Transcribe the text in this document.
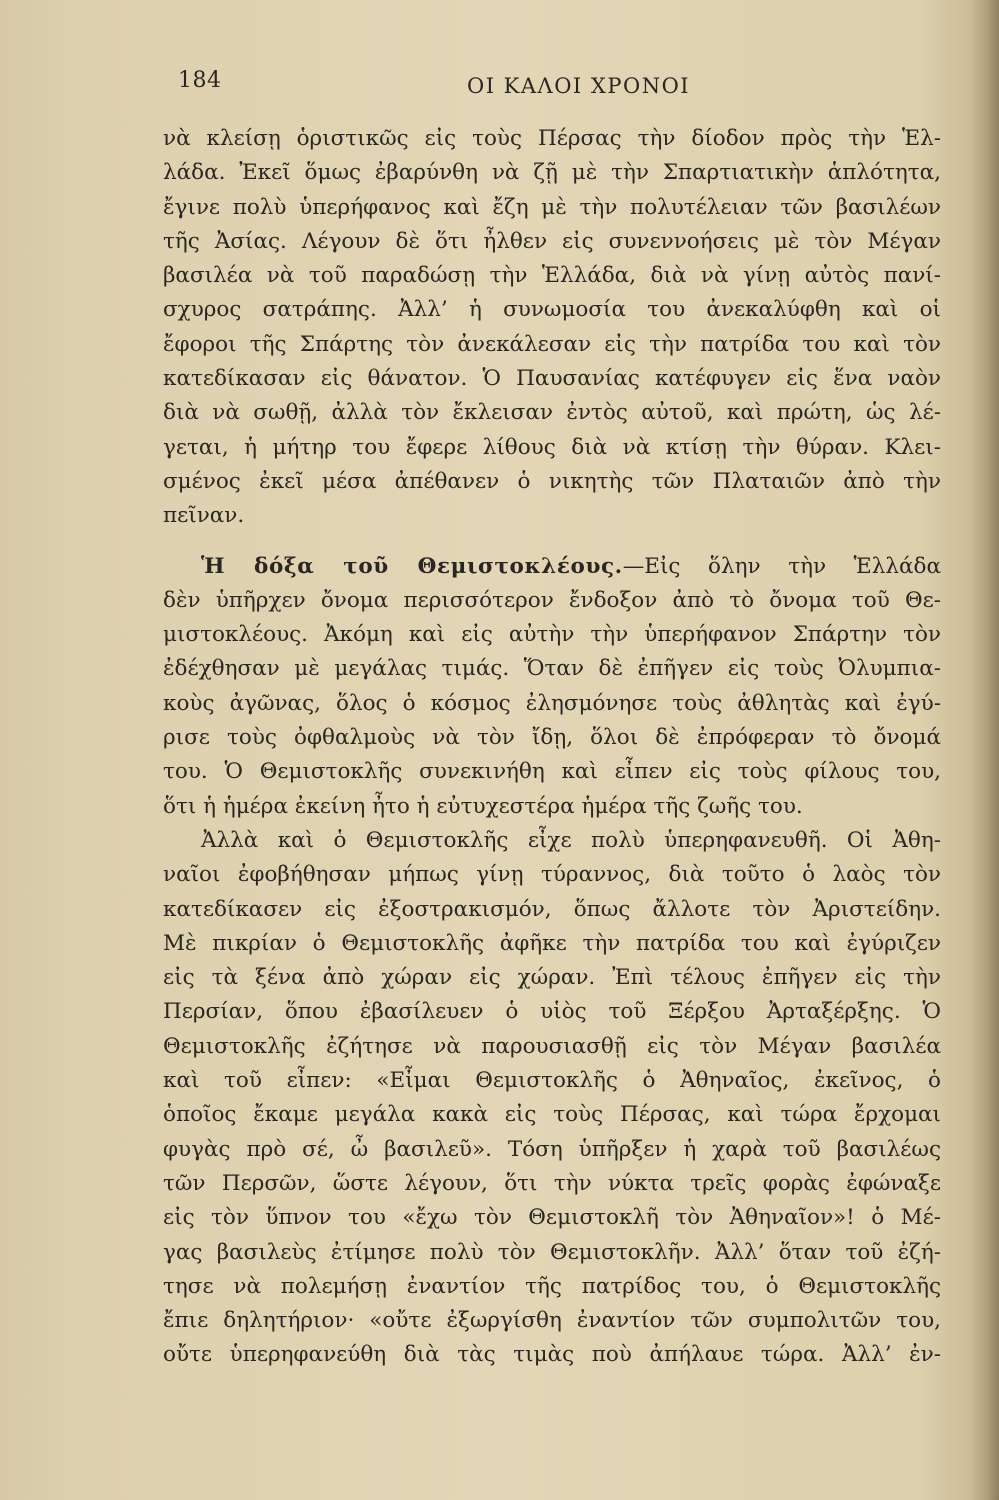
184	ΟΙ ΚΑΛΟΙ ΧΡΟΝΟΙ
νὰ κλείσῃ ὁριστικῶς εἰς τοὺς Πέρσας τὴν δίοδον πρὸς τὴν Ἑλ-
λάδα. Ἐκεῖ ὅμως ἐβαρύνθη νὰ ζῇ μὲ τὴν Σπαρτιατικὴν ἁπλότητα,
ἔγινε πολὺ ὑπερήφανος καὶ ἔζη μὲ τὴν πολυτέλειαν τῶν βασιλέων
τῆς Ἀσίας. Λέγουν δὲ ὅτι ἦλθεν εἰς συνεννοήσεις μὲ τὸν Μέγαν
βασιλέα νὰ τοῦ παραδώσῃ τὴν Ἑλλάδα, διὰ νὰ γίνῃ αὐτὸς πανί-
σχυρος σατράπης. Ἀλλ’ ἡ συνωμοσία του ἀνεκαλύφθη καὶ οἱ
ἔφοροι τῆς Σπάρτης τὸν ἀνεκάλεσαν εἰς τὴν πατρίδα του καὶ τὸν
κατεδίκασαν εἰς θάνατον. Ὁ Παυσανίας κατέφυγεν εἰς ἕνα ναὸν
διὰ νὰ σωθῇ, ἀλλὰ τὸν ἔκλεισαν ἐντὸς αὐτοῦ, καὶ πρώτη, ὡς λέ-
γεται, ἡ μήτηρ του ἔφερε λίθους διὰ νὰ κτίσῃ τὴν θύραν. Κλει-
σμένος ἐκεῖ μέσα ἀπέθανεν ὁ νικητὴς τῶν Πλαταιῶν ἀπὸ τὴν
πεῖναν.
Ἡ δόξα τοῦ Θεμιστοκλέους.—Εἰς ὅλην τὴν Ἑλλάδα
δὲν ὑπῆρχεν ὄνομα περισσότερον ἔνδοξον ἀπὸ τὸ ὄνομα τοῦ Θε-
μιστοκλέους. Ἀκόμη καὶ εἰς αὐτὴν τὴν ὑπερήφανον Σπάρτην τὸν
ἐδέχθησαν μὲ μεγάλας τιμάς. Ὅταν δὲ ἐπῆγεν εἰς τοὺς Ὀλυμπια-
κοὺς ἀγῶνας, ὅλος ὁ κόσμος ἐλησμόνησε τοὺς ἀθλητὰς καὶ ἐγύ-
ρισε τοὺς ὀφθαλμοὺς νὰ τὸν ἴδῃ, ὅλοι δὲ ἐπρόφεραν τὸ ὄνομά
του. Ὁ Θεμιστοκλῆς συνεκινήθη καὶ εἶπεν εἰς τοὺς φίλους του,
ὅτι ἡ ἡμέρα ἐκείνη ἦτο ἡ εὐτυχεστέρα ἡμέρα τῆς ζωῆς του.
Ἀλλὰ καὶ ὁ Θεμιστοκλῆς εἶχε πολὺ ὑπερηφανευθῆ. Οἱ Ἀθη-
ναῖοι ἐφοβήθησαν μήπως γίνῃ τύραννος, διὰ τοῦτο ὁ λαὸς τὸν
κατεδίκασεν εἰς ἐξοστρακισμόν, ὅπως ἄλλοτε τὸν Ἀριστείδην.
Μὲ πικρίαν ὁ Θεμιστοκλῆς ἀφῆκε τὴν πατρίδα του καὶ ἐγύριζεν
εἰς τὰ ξένα ἀπὸ χώραν εἰς χώραν. Ἐπὶ τέλους ἐπῆγεν εἰς τὴν
Περσίαν, ὅπου ἐβασίλευεν ὁ υἱὸς τοῦ Ξέρξου Ἀρταξέρξης. Ὁ
Θεμιστοκλῆς ἐζήτησε νὰ παρουσιασθῇ εἰς τὸν Μέγαν βασιλέα
καὶ τοῦ εἶπεν: «Εἶμαι Θεμιστοκλῆς ὁ Ἀθηναῖος, ἐκεῖνος, ὁ
ὁποῖος ἔκαμε μεγάλα κακὰ εἰς τοὺς Πέρσας, καὶ τώρα ἔρχομαι
φυγὰς πρὸ σέ, ὦ βασιλεῦ». Τόση ὑπῆρξεν ἡ χαρὰ τοῦ βασιλέως
τῶν Περσῶν, ὥστε λέγουν, ὅτι τὴν νύκτα τρεῖς φορὰς ἐφώναξε
εἰς τὸν ὕπνον του «ἔχω τὸν Θεμιστοκλῆ τὸν Ἀθηναῖον»! ὁ Μέ-
γας βασιλεὺς ἐτίμησε πολὺ τὸν Θεμιστοκλῆν. Ἀλλ’ ὅταν τοῦ ἐζή-
τησε νὰ πολεμήσῃ ἐναντίον τῆς πατρίδος του, ὁ Θεμιστοκλῆς
ἔπιε δηλητήριον· «οὔτε ἐξωργίσθη ἐναντίον τῶν συμπολιτῶν του,
οὔτε ὑπερηφανεύθη διὰ τὰς τιμὰς ποὺ ἀπήλαυε τώρα. Ἀλλ’ ἐν-
